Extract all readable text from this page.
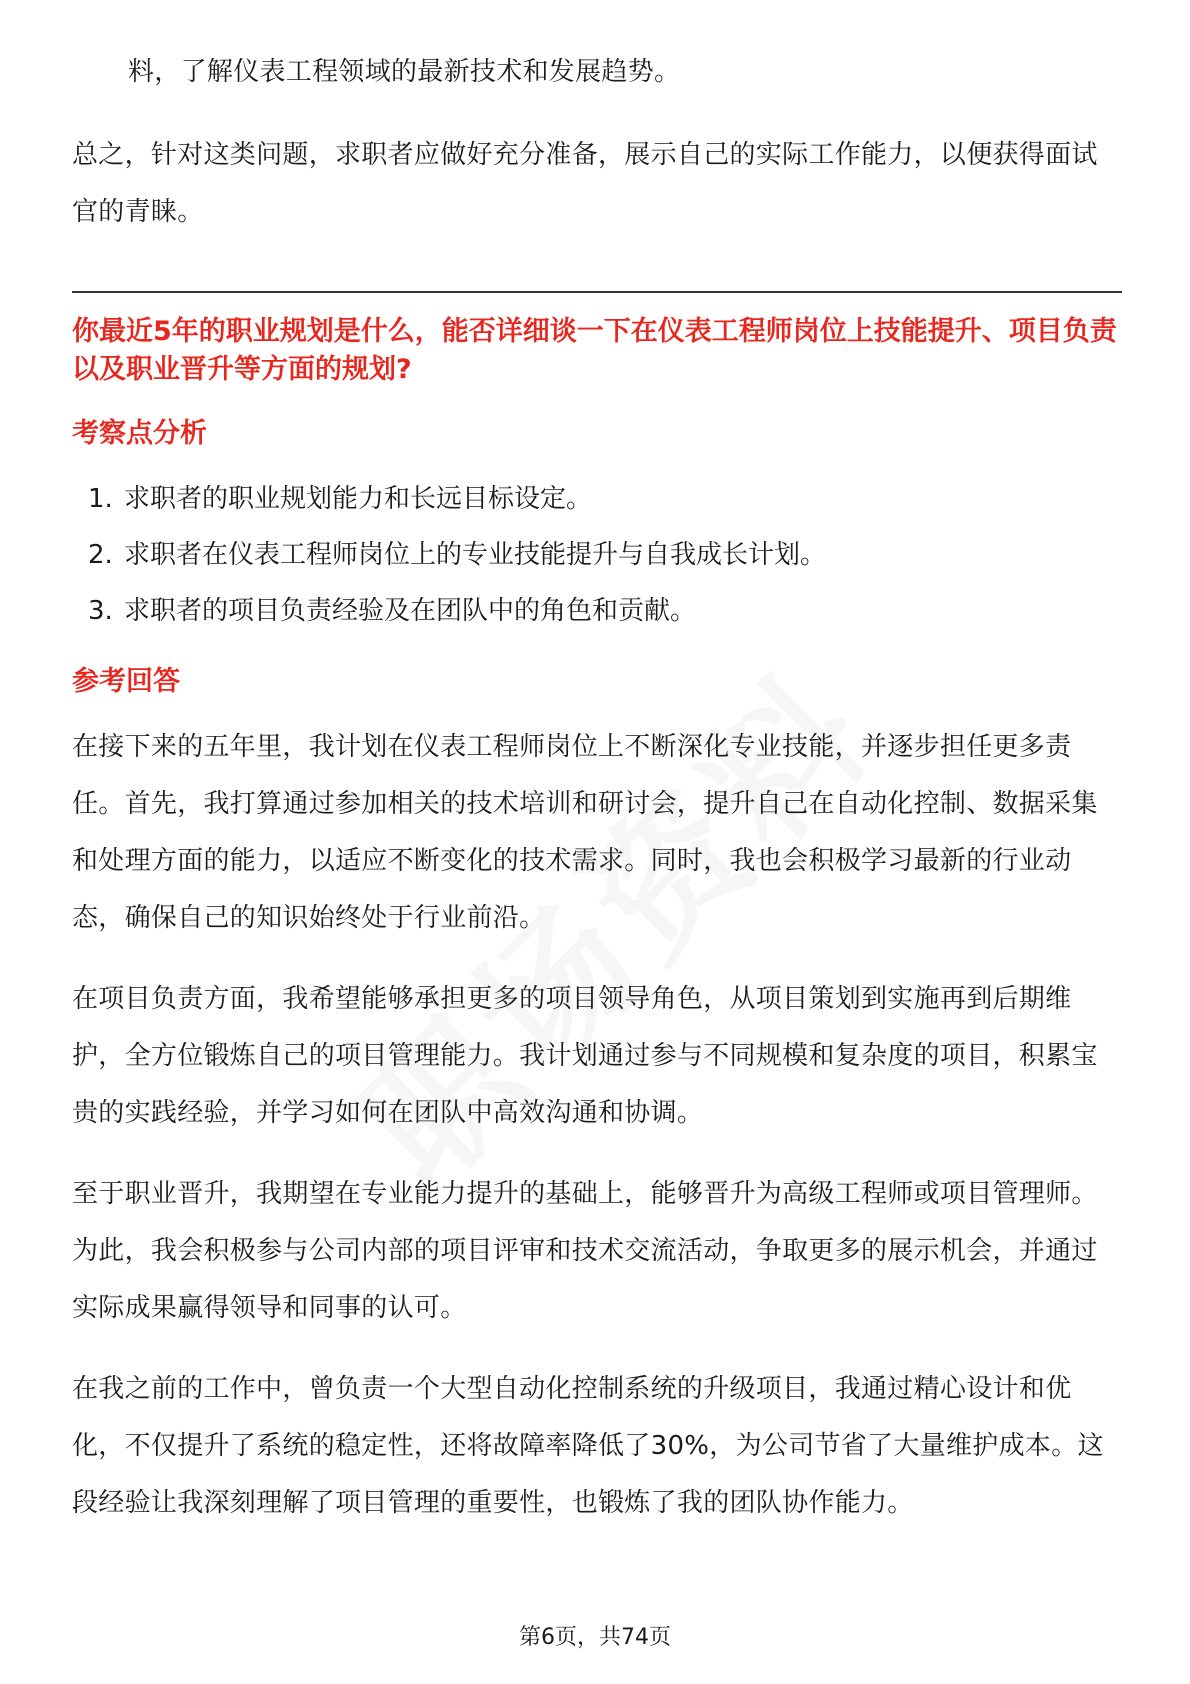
料，了解仪表工程领域的最新技术和发展趋势。

总之，针对这类问题，求职者应做好充分准备，展示自己的实际工作能力，以便获得面试官的青睐。

你最近5年的职业规划是什么，能否详细谈一下在仪表工程师岗位上技能提升、项目负责以及职业晋升等方面的规划?

考察点分析

1. 求职者的职业规划能力和长远目标设定。
2. 求职者在仪表工程师岗位上的专业技能提升与自我成长计划。
3. 求职者的项目负责经验及在团队中的角色和贡献。

参考回答

在接下来的五年里，我计划在仪表工程师岗位上不断深化专业技能，并逐步担任更多责任。首先，我打算通过参加相关的技术培训和研讨会，提升自己在自动化控制、数据采集和处理方面的能力，以适应不断变化的技术需求。同时，我也会积极学习最新的行业动态，确保自己的知识始终处于行业前沿。

在项目负责方面，我希望能够承担更多的项目领导角色，从项目策划到实施再到后期维护，全方位锻炼自己的项目管理能力。我计划通过参与不同规模和复杂度的项目，积累宝贵的实践经验，并学习如何在团队中高效沟通和协调。

至于职业晋升，我期望在专业能力提升的基础上，能够晋升为高级工程师或项目管理师。为此，我会积极参与公司内部的项目评审和技术交流活动，争取更多的展示机会，并通过实际成果赢得领导和同事的认可。

在我之前的工作中，曾负责一个大型自动化控制系统的升级项目，我通过精心设计和优化，不仅提升了系统的稳定性，还将故障率降低了30%，为公司节省了大量维护成本。这段经验让我深刻理解了项目管理的重要性，也锻炼了我的团队协作能力。

第6页，共74页
